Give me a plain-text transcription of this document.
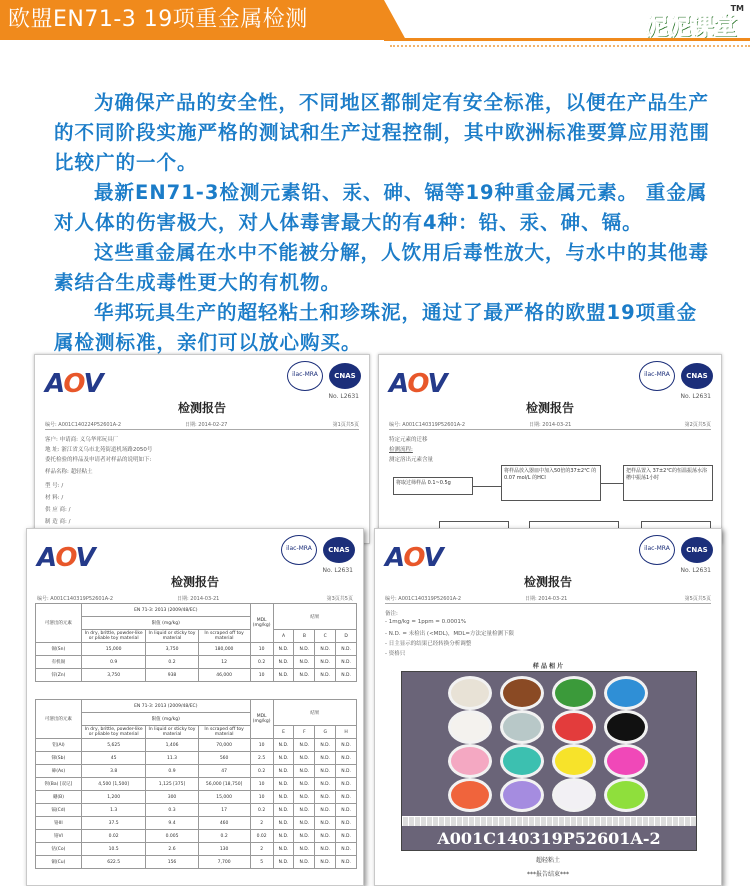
欧盟EN71-3 19项重金属检测	泥泥课堂
TM

为确保产品的安全性，不同地区都制定有安全标准，以便在产品生产的不同阶段实施严格的测试和生产过程控制，其中欧洲标准要算应用范围比较广的一个。

最新EN71-3检测元素铅、汞、砷、镉等19种重金属元素。 重金属对人体的伤害极大，对人体毒害最大的有4种：铅、汞、砷、镉。

这些重金属在水中不能被分解，人饮用后毒性放大，与水中的其他毒素结合生成毒性更大的有机物。

华邦玩具生产的超轻粘土和珍珠泥，通过了最严格的欧盟19项重金属检测标准，亲们可以放心购买。

AOV	ilac-MRA	CNAS
No. L2631
检测报告
编号: A001C140224P52601A-2	日期: 2014-02-27	第1页共5页
客户: 申请商: 义乌华邦玩具厂
地 址: 浙江省义乌市北苑街道机场路2050号
委托检验的样品及申请者对样品的说明如下:
样品名称: 超轻粘土
型 号: /
材 料: /
供 应 商: /
制 造 商: /
AOV	ilac-MRA	CNAS
No. L2631
检测报告
编号: A001C140319P52601A-2	日期: 2014-03-21	第2页共5页
特定元素的迁移
检测流程:
测定溶出元素含量
将取过筛样品 0.1~0.5g
将样品放入器皿中加入50倍的37±2℃ 的0.07 mol/L 的HCl
把样品置入 37±2℃的恒温振荡水浴槽中振荡1小时
AOV	ilac-MRA	CNAS
No. L2631
检测报告
编号: A001C140319P52601A-2	日期: 2014-03-21	第3页共5页
可溶出的元素	EN 71-3: 2013 (2009/48/EC)			MDL
(mg/kg)	结果			
	限值 (mg/kg)							
	In dry, brittle, powder-like or pliable toy material	In liquid or sticky toy material	In scraped off toy material		A	B	C	D
锡(Sn)	15,000	3,750	180,000	10	N.D.	N.D.	N.D.	N.D.
有机锡	0.9	0.2	12	0.2	N.D.	N.D.	N.D.	N.D.
锌(Zn)	3,750	938	46,000	10	N.D.	N.D.	N.D.	N.D.
可溶出的元素	EN 71-3: 2013 (2009/48/EC)			MDL
(mg/kg)	结果			
	限值 (mg/kg)							
	In dry, brittle, powder-like or pliable toy material	In liquid or sticky toy material	In scraped off toy material		E	F	G	H
铝(Al)	5,625	1,406	70,000	10	N.D.	N.D.	N.D.	N.D.
锑(Sb)	45	11.3	560	2.5	N.D.	N.D.	N.D.	N.D.
砷(As)	3.8	0.9	47	0.2	N.D.	N.D.	N.D.	N.D.
钡(Ba) [双记]	4,500 [1,500]	1,125 [375]	56,000 [18,750]	10	N.D.	N.D.	N.D.	N.D.
硼(B)	1,200	300	15,000	10	N.D.	N.D.	N.D.	N.D.
镉(Cd)	1.3	0.3	17	0.2	N.D.	N.D.	N.D.	N.D.
铬III	37.5	9.4	460	2	N.D.	N.D.	N.D.	N.D.
铬VI	0.02	0.005	0.2	0.02	N.D.	N.D.	N.D.	N.D.
钴(Co)	10.5	2.6	130	2	N.D.	N.D.	N.D.	N.D.
铜(Cu)	622.5	156	7,700	5	N.D.	N.D.	N.D.	N.D.
AOV	ilac-MRA	CNAS
No. L2631
检测报告
编号: A001C140319P52601A-2	日期: 2014-03-21	第5页共5页
备注:
- 1mg/kg = 1ppm = 0.0001%
- N.D. = 未检出 (<MDL)，MDL=方法定量检测下限
- 日主显示的结果已经转换分析调整
- 资格只
样 品 相 片
A001C140319P52601A-2
超轻粘土
***报告结束***
